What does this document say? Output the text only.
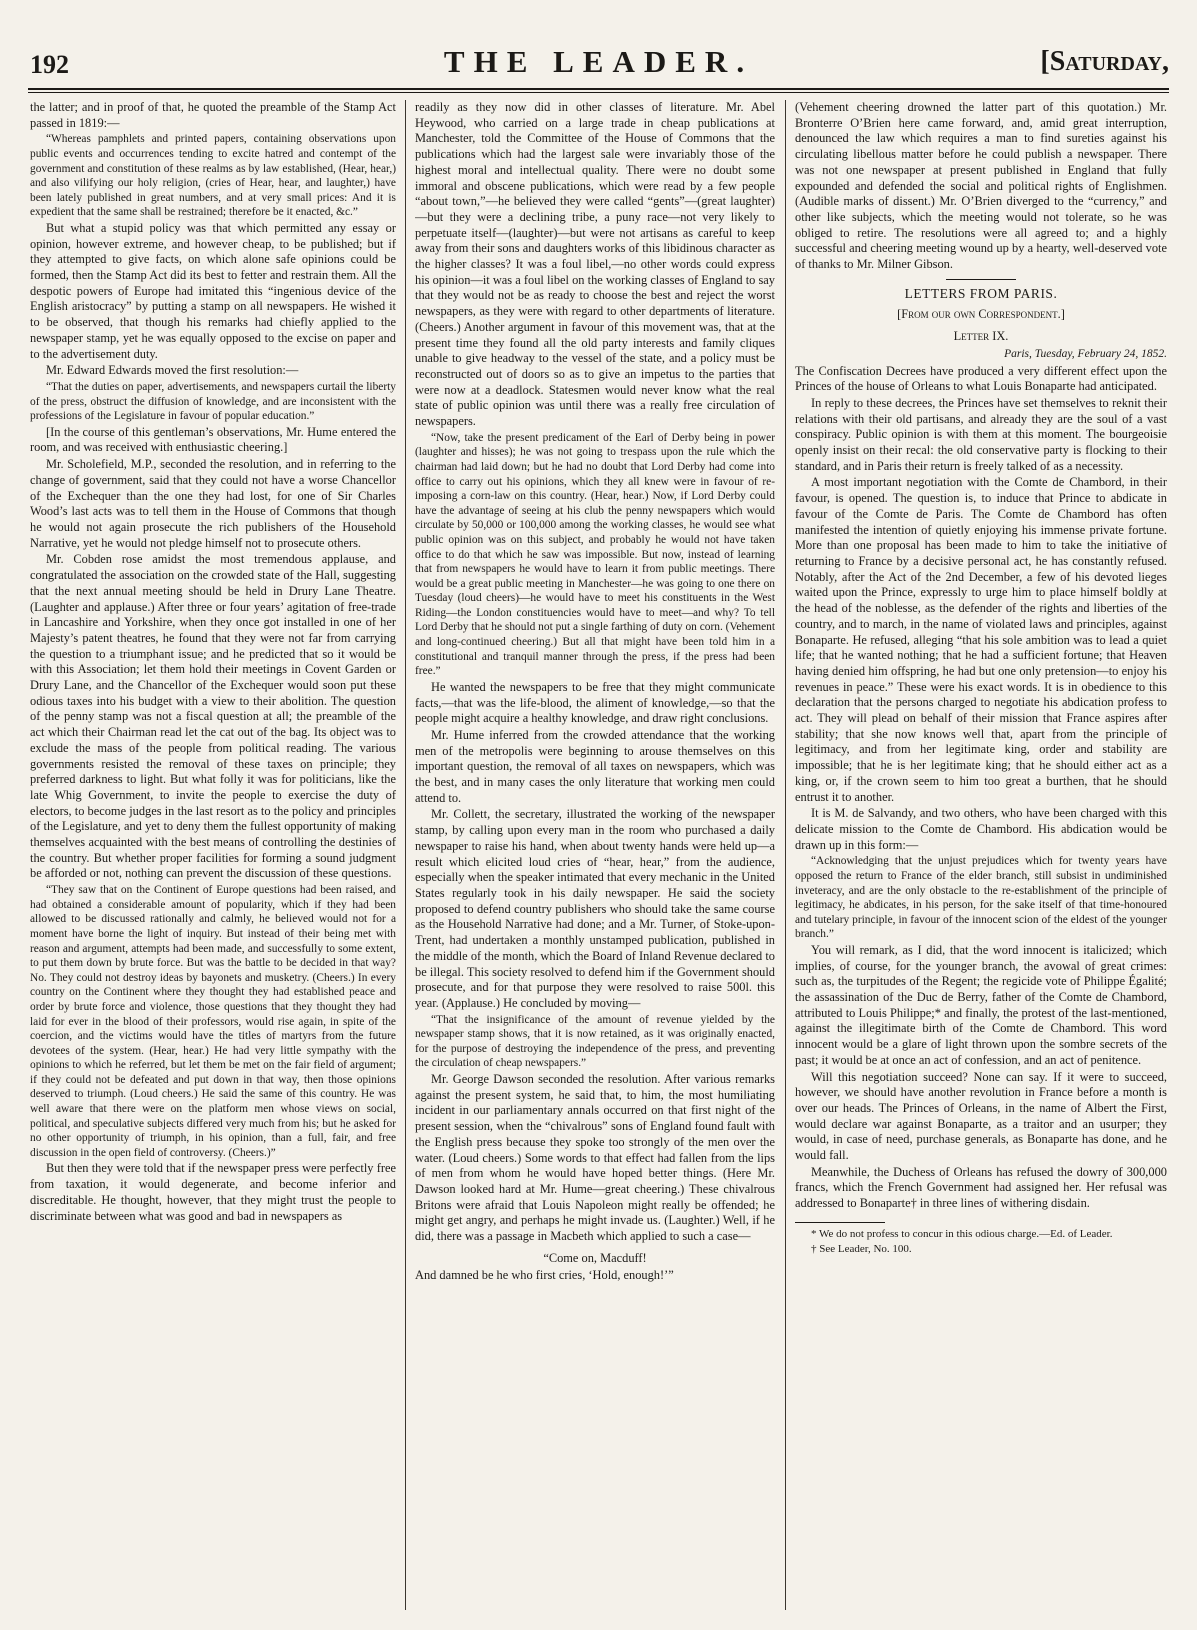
192	THE LEADER.	[Saturday,

the latter; and in proof of that, he quoted the preamble of the Stamp Act passed in 1819:—

“Whereas pamphlets and printed papers, containing observations upon public events and occurrences tending to excite hatred and contempt of the government and constitution of these realms as by law established, (Hear, hear,) and also vilifying our holy religion, (cries of Hear, hear, and laughter,) have been lately published in great numbers, and at very small prices: And it is expedient that the same shall be restrained; therefore be it enacted, &c.”

But what a stupid policy was that which permitted any essay or opinion, however extreme, and however cheap, to be published; but if they attempted to give facts, on which alone safe opinions could be formed, then the Stamp Act did its best to fetter and restrain them. All the despotic powers of Europe had imitated this “ingenious device of the English aristocracy” by putting a stamp on all newspapers. He wished it to be observed, that though his remarks had chiefly applied to the newspaper stamp, yet he was equally opposed to the excise on paper and to the advertisement duty.

Mr. Edward Edwards moved the first resolution:—

“That the duties on paper, advertisements, and newspapers curtail the liberty of the press, obstruct the diffusion of knowledge, and are inconsistent with the professions of the Legislature in favour of popular education.”

[In the course of this gentleman’s observations, Mr. Hume entered the room, and was received with enthusiastic cheering.]

Mr. Scholefield, M.P., seconded the resolution, and in referring to the change of government, said that they could not have a worse Chancellor of the Exchequer than the one they had lost, for one of Sir Charles Wood’s last acts was to tell them in the House of Commons that though he would not again prosecute the rich publishers of the Household Narrative, yet he would not pledge himself not to prosecute others.

Mr. Cobden rose amidst the most tremendous applause, and congratulated the association on the crowded state of the Hall, suggesting that the next annual meeting should be held in Drury Lane Theatre. (Laughter and applause.) After three or four years’ agitation of free-trade in Lancashire and Yorkshire, when they once got installed in one of her Majesty’s patent theatres, he found that they were not far from carrying the question to a triumphant issue; and he predicted that so it would be with this Association; let them hold their meetings in Covent Garden or Drury Lane, and the Chancellor of the Exchequer would soon put these odious taxes into his budget with a view to their abolition. The question of the penny stamp was not a fiscal question at all; the preamble of the act which their Chairman read let the cat out of the bag. Its object was to exclude the mass of the people from political reading. The various governments resisted the removal of these taxes on principle; they preferred darkness to light. But what folly it was for politicians, like the late Whig Government, to invite the people to exercise the duty of electors, to become judges in the last resort as to the policy and principles of the Legislature, and yet to deny them the fullest opportunity of making themselves acquainted with the best means of controlling the destinies of the country. But whether proper facilities for forming a sound judgment be afforded or not, nothing can prevent the discussion of these questions.

“They saw that on the Continent of Europe questions had been raised, and had obtained a considerable amount of popularity, which if they had been allowed to be discussed rationally and calmly, he believed would not for a moment have borne the light of inquiry. But instead of their being met with reason and argument, attempts had been made, and successfully to some extent, to put them down by brute force. But was the battle to be decided in that way? No. They could not destroy ideas by bayonets and musketry. (Cheers.) In every country on the Continent where they thought they had established peace and order by brute force and violence, those questions that they thought they had laid for ever in the blood of their professors, would rise again, in spite of the coercion, and the victims would have the titles of martyrs from the future devotees of the system. (Hear, hear.) He had very little sympathy with the opinions to which he referred, but let them be met on the fair field of argument; if they could not be defeated and put down in that way, then those opinions deserved to triumph. (Loud cheers.) He said the same of this country. He was well aware that there were on the platform men whose views on social, political, and speculative subjects differed very much from his; but he asked for no other opportunity of triumph, in his opinion, than a full, fair, and free discussion in the open field of controversy. (Cheers.)”

But then they were told that if the newspaper press were perfectly free from taxation, it would degenerate, and become inferior and discreditable. He thought, however, that they might trust the people to discriminate between what was good and bad in newspapers as

readily as they now did in other classes of literature. Mr. Abel Heywood, who carried on a large trade in cheap publications at Manchester, told the Committee of the House of Commons that the publications which had the largest sale were invariably those of the highest moral and intellectual quality. There were no doubt some immoral and obscene publications, which were read by a few people “about town,”—he believed they were called “gents”—(great laughter)—but they were a declining tribe, a puny race—not very likely to perpetuate itself—(laughter)—but were not artisans as careful to keep away from their sons and daughters works of this libidinous character as the higher classes? It was a foul libel,—no other words could express his opinion—it was a foul libel on the working classes of England to say that they would not be as ready to choose the best and reject the worst newspapers, as they were with regard to other departments of literature. (Cheers.) Another argument in favour of this movement was, that at the present time they found all the old party interests and family cliques unable to give headway to the vessel of the state, and a policy must be reconstructed out of doors so as to give an impetus to the parties that were now at a deadlock. Statesmen would never know what the real state of public opinion was until there was a really free circulation of newspapers.

“Now, take the present predicament of the Earl of Derby being in power (laughter and hisses); he was not going to trespass upon the rule which the chairman had laid down; but he had no doubt that Lord Derby had come into office to carry out his opinions, which they all knew were in favour of re-imposing a corn-law on this country. (Hear, hear.) Now, if Lord Derby could have the advantage of seeing at his club the penny newspapers which would circulate by 50,000 or 100,000 among the working classes, he would see what public opinion was on this subject, and probably he would not have taken office to do that which he saw was impossible. But now, instead of learning that from newspapers he would have to learn it from public meetings. There would be a great public meeting in Manchester—he was going to one there on Tuesday (loud cheers)—he would have to meet his constituents in the West Riding—the London constituencies would have to meet—and why? To tell Lord Derby that he should not put a single farthing of duty on corn. (Vehement and long-continued cheering.) But all that might have been told him in a constitutional and tranquil manner through the press, if the press had been free.”

He wanted the newspapers to be free that they might communicate facts,—that was the life-blood, the aliment of knowledge,—so that the people might acquire a healthy knowledge, and draw right conclusions.

Mr. Hume inferred from the crowded attendance that the working men of the metropolis were beginning to arouse themselves on this important question, the removal of all taxes on newspapers, which was the best, and in many cases the only literature that working men could attend to.

Mr. Collett, the secretary, illustrated the working of the newspaper stamp, by calling upon every man in the room who purchased a daily newspaper to raise his hand, when about twenty hands were held up—a result which elicited loud cries of “hear, hear,” from the audience, especially when the speaker intimated that every mechanic in the United States regularly took in his daily newspaper. He said the society proposed to defend country publishers who should take the same course as the Household Narrative had done; and a Mr. Turner, of Stoke-upon-Trent, had undertaken a monthly unstamped publication, published in the middle of the month, which the Board of Inland Revenue declared to be illegal. This society resolved to defend him if the Government should prosecute, and for that purpose they were resolved to raise 500l. this year. (Applause.) He concluded by moving—

“That the insignificance of the amount of revenue yielded by the newspaper stamp shows, that it is now retained, as it was originally enacted, for the purpose of destroying the independence of the press, and preventing the circulation of cheap newspapers.”

Mr. George Dawson seconded the resolution. After various remarks against the present system, he said that, to him, the most humiliating incident in our parliamentary annals occurred on that first night of the present session, when the “chivalrous” sons of England found fault with the English press because they spoke too strongly of the men over the water. (Loud cheers.) Some words to that effect had fallen from the lips of men from whom he would have hoped better things. (Here Mr. Dawson looked hard at Mr. Hume—great cheering.) These chivalrous Britons were afraid that Louis Napoleon might really be offended; he might get angry, and perhaps he might invade us. (Laughter.) Well, if he did, there was a passage in Macbeth which applied to such a case—

“Come on, Macduff!

And damned be he who first cries, ‘Hold, enough!’”

(Vehement cheering drowned the latter part of this quotation.) Mr. Bronterre O’Brien here came forward, and, amid great interruption, denounced the law which requires a man to find sureties against his circulating libellous matter before he could publish a newspaper. There was not one newspaper at present published in England that fully expounded and defended the social and political rights of Englishmen. (Audible marks of dissent.) Mr. O’Brien diverged to the “currency,” and other like subjects, which the meeting would not tolerate, so he was obliged to retire. The resolutions were all agreed to; and a highly successful and cheering meeting wound up by a hearty, well-deserved vote of thanks to Mr. Milner Gibson.

LETTERS FROM PARIS.

[From our own Correspondent.]

Letter IX.

Paris, Tuesday, February 24, 1852.

The Confiscation Decrees have produced a very different effect upon the Princes of the house of Orleans to what Louis Bonaparte had anticipated.

In reply to these decrees, the Princes have set themselves to reknit their relations with their old partisans, and already they are the soul of a vast conspiracy. Public opinion is with them at this moment. The bourgeoisie openly insist on their recal: the old conservative party is flocking to their standard, and in Paris their return is freely talked of as a necessity.

A most important negotiation with the Comte de Chambord, in their favour, is opened. The question is, to induce that Prince to abdicate in favour of the Comte de Paris. The Comte de Chambord has often manifested the intention of quietly enjoying his immense private fortune. More than one proposal has been made to him to take the initiative of returning to France by a decisive personal act, he has constantly refused. Notably, after the Act of the 2nd December, a few of his devoted lieges waited upon the Prince, expressly to urge him to place himself boldly at the head of the noblesse, as the defender of the rights and liberties of the country, and to march, in the name of violated laws and principles, against Bonaparte. He refused, alleging “that his sole ambition was to lead a quiet life; that he wanted nothing; that he had a sufficient fortune; that Heaven having denied him offspring, he had but one only pretension—to enjoy his revenues in peace.” These were his exact words. It is in obedience to this declaration that the persons charged to negotiate his abdication profess to act. They will plead on behalf of their mission that France aspires after stability; that she now knows well that, apart from the principle of legitimacy, and from her legitimate king, order and stability are impossible; that he is her legitimate king; that he should either act as a king, or, if the crown seem to him too great a burthen, that he should entrust it to another.

It is M. de Salvandy, and two others, who have been charged with this delicate mission to the Comte de Chambord. His abdication would be drawn up in this form:—

“Acknowledging that the unjust prejudices which for twenty years have opposed the return to France of the elder branch, still subsist in undiminished inveteracy, and are the only obstacle to the re-establishment of the principle of legitimacy, he abdicates, in his person, for the sake itself of that time-honoured and tutelary principle, in favour of the innocent scion of the eldest of the younger branch.”

You will remark, as I did, that the word innocent is italicized; which implies, of course, for the younger branch, the avowal of great crimes: such as, the turpitudes of the Regent; the regicide vote of Philippe Égalité; the assassination of the Duc de Berry, father of the Comte de Chambord, attributed to Louis Philippe;* and finally, the protest of the last-mentioned, against the illegitimate birth of the Comte de Chambord. This word innocent would be a glare of light thrown upon the sombre secrets of the past; it would be at once an act of confession, and an act of penitence.

Will this negotiation succeed? None can say. If it were to succeed, however, we should have another revolution in France before a month is over our heads. The Princes of Orleans, in the name of Albert the First, would declare war against Bonaparte, as a traitor and an usurper; they would, in case of need, purchase generals, as Bonaparte has done, and he would fall.

Meanwhile, the Duchess of Orleans has refused the dowry of 300,000 francs, which the French Government had assigned her. Her refusal was addressed to Bonaparte† in three lines of withering disdain.

* We do not profess to concur in this odious charge.—Ed. of Leader.

† See Leader, No. 100.
